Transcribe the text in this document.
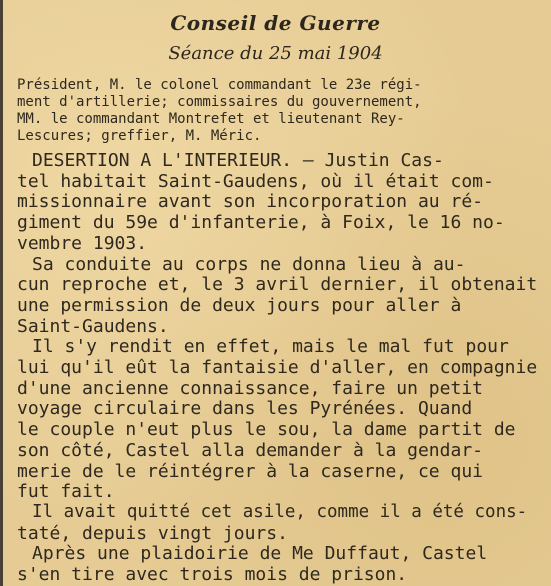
Conseil de Guerre
Séance du 25 mai 1904
Président, M. le colonel commandant le 23e régi-
ment d'artillerie; commissaires du gouvernement,
MM. le commandant Montrefet et lieutenant Rey-
Lescures; greffier, M. Méric.
DESERTION A L'INTERIEUR. — Justin Cas-
tel habitait Saint-Gaudens, où il était com-
missionnaire avant son incorporation au ré-
giment du 59e d'infanterie, à Foix, le 16 no-
vembre 1903.
Sa conduite au corps ne donna lieu à au-
cun reproche et, le 3 avril dernier, il obtenait
une permission de deux jours pour aller à
Saint-Gaudens.
Il s'y rendit en effet, mais le mal fut pour
lui qu'il eût la fantaisie d'aller, en compagnie
d'une ancienne connaissance, faire un petit
voyage circulaire dans les Pyrénées. Quand
le couple n'eut plus le sou, la dame partit de
son côté, Castel alla demander à la gendar-
merie de le réintégrer à la caserne, ce qui
fut fait.
Il avait quitté cet asile, comme il a été cons-
taté, depuis vingt jours.
Après une plaidoirie de Me Duffaut, Castel
s'en tire avec trois mois de prison.
